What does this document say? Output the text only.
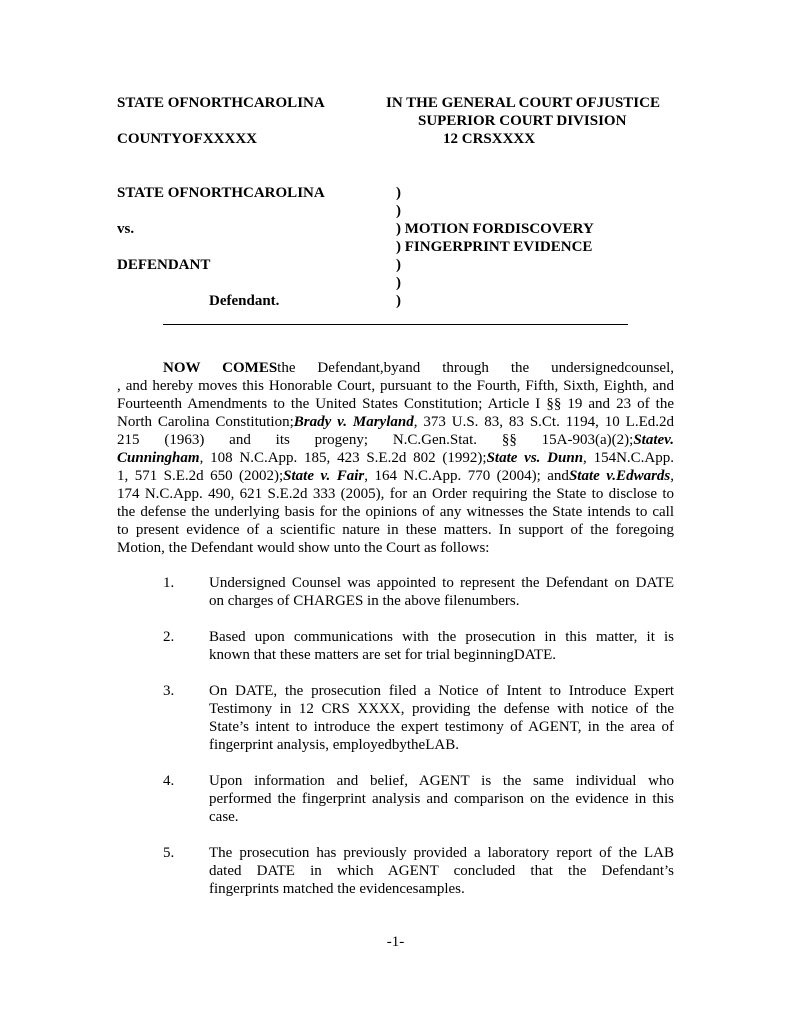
STATE OFNORTHCAROLINA
COUNTYOFXXXXX
IN THE GENERAL COURT OFJUSTICE
SUPERIOR COURT DIVISION
12 CRSXXXX
STATE OFNORTHCAROLINA
vs.
DEFENDANT
Defendant.
)
)
) MOTION FORDISCOVERY
) FINGERPRINT EVIDENCE
)
)
)
NOW COMESthe Defendant,byand through the undersignedcounsel,
, and hereby moves this Honorable Court, pursuant to the Fourth, Fifth, Sixth, Eighth, and
Fourteenth Amendments to the United States Constitution; Article I §§ 19 and 23 of the
North Carolina Constitution;Brady v. Maryland, 373 U.S. 83, 83 S.Ct. 1194, 10 L.Ed.2d
215 (1963) and its progeny; N.C.Gen.Stat. §§ 15A-903(a)(2);Statev.
Cunningham, 108 N.C.App. 185, 423 S.E.2d 802 (1992);State vs. Dunn, 154N.C.App.
1, 571 S.E.2d 650 (2002);State v. Fair, 164 N.C.App. 770 (2004); andState v.Edwards,
174 N.C.App. 490, 621 S.E.2d 333 (2005), for an Order requiring the State to disclose to
the defense the underlying basis for the opinions of any witnesses the State intends to call
to present evidence of a scientific nature in these matters. In support of the foregoing
Motion, the Defendant would show unto the Court as follows:
1. Undersigned Counsel was appointed to represent the Defendant on DATE
on charges of CHARGES in the above filenumbers.
2. Based upon communications with the prosecution in this matter, it is
known that these matters are set for trial beginningDATE.
3. On DATE, the prosecution filed a Notice of Intent to Introduce Expert
Testimony in 12 CRS XXXX, providing the defense with notice of the
State’s intent to introduce the expert testimony of AGENT, in the area of
fingerprint analysis, employedbytheLAB.
4. Upon information and belief, AGENT is the same individual who
performed the fingerprint analysis and comparison on the evidence in this
case.
5. The prosecution has previously provided a laboratory report of the LAB
dated DATE in which AGENT concluded that the Defendant’s
fingerprints matched the evidencesamples.
-1-
